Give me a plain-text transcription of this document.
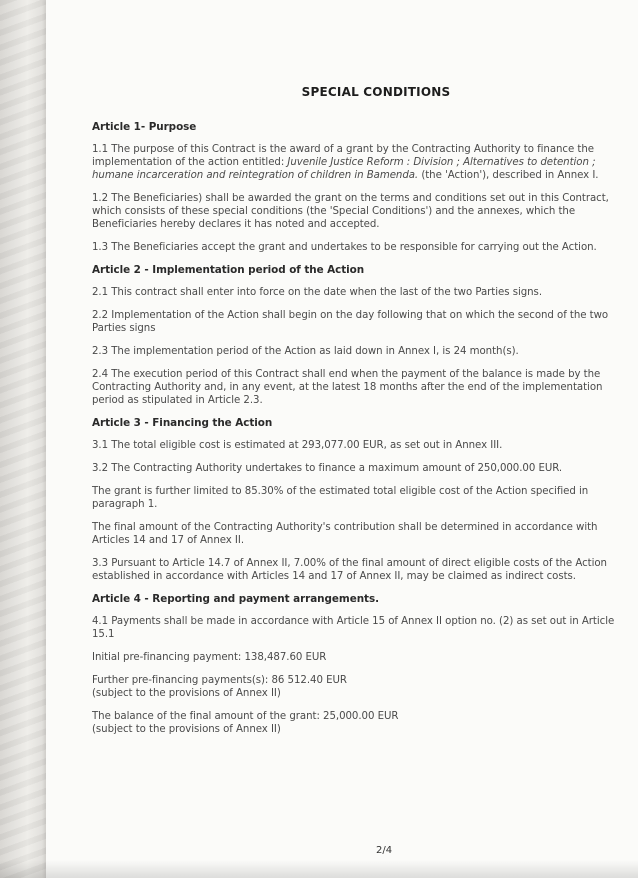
SPECIAL CONDITIONS
Article 1- Purpose

1.1 The purpose of this Contract is the award of a grant by the Contracting Authority to finance the implementation of the action entitled: Juvenile Justice Reform : Division ; Alternatives to detention ; humane incarceration and reintegration of children in Bamenda. (the 'Action'), described in Annex I.

1.2 The Beneficiaries) shall be awarded the grant on the terms and conditions set out in this Contract, which consists of these special conditions (the 'Special Conditions') and the annexes, which the Beneficiaries hereby declares it has noted and accepted.

1.3 The Beneficiaries accept the grant and undertakes to be responsible for carrying out the Action.

Article 2 - Implementation period of the Action

2.1 This contract shall enter into force on the date when the last of the two Parties signs.

2.2 Implementation of the Action shall begin on the day following that on which the second of the two Parties signs

2.3 The implementation period of the Action as laid down in Annex I, is 24 month(s).

2.4 The execution period of this Contract shall end when the payment of the balance is made by the Contracting Authority and, in any event, at the latest 18 months after the end of the implementation period as stipulated in Article 2.3.

Article 3 - Financing the Action

3.1 The total eligible cost is estimated at 293,077.00 EUR, as set out in Annex III.

3.2 The Contracting Authority undertakes to finance a maximum amount of 250,000.00 EUR.

The grant is further limited to 85.30% of the estimated total eligible cost of the Action specified in paragraph 1.

The final amount of the Contracting Authority's contribution shall be determined in accordance with Articles 14 and 17 of Annex II.

3.3 Pursuant to Article 14.7 of Annex II, 7.00% of the final amount of direct eligible costs of the Action established in accordance with Articles 14 and 17 of Annex II, may be claimed as indirect costs.

Article 4 - Reporting and payment arrangements.

4.1 Payments shall be made in accordance with Article 15 of Annex II option no. (2) as set out in Article 15.1

Initial pre-financing payment: 138,487.60 EUR

Further pre-financing payments(s): 86 512.40 EUR
(subject to the provisions of Annex II)

The balance of the final amount of the grant: 25,000.00 EUR
(subject to the provisions of Annex II)

2/4
